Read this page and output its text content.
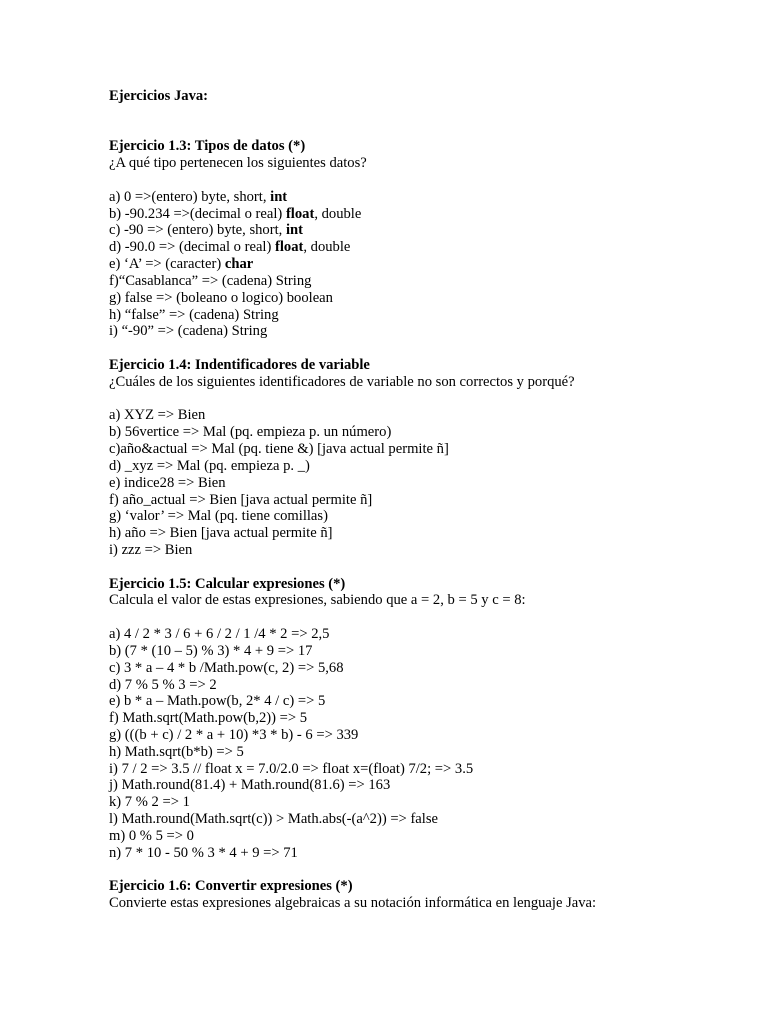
Ejercicios Java:
Ejercicio 1.3: Tipos de datos (*)
¿A qué tipo pertenecen los siguientes datos?
a) 0 =>(entero) byte, short, int
b) -90.234 =>(decimal o real) float, double
c) -90 => (entero) byte, short, int
d) -90.0 => (decimal o real) float, double
e) ‘A’ => (caracter) char
f)“Casablanca” => (cadena) String
g) false => (boleano o logico) boolean
h) “false” => (cadena) String
i) “-90” => (cadena) String
Ejercicio 1.4: Indentificadores de variable
¿Cuáles de los siguientes identificadores de variable no son correctos y porqué?
a) XYZ => Bien
b) 56vertice => Mal (pq. empieza p. un número)
c)año&actual => Mal (pq. tiene &) [java actual permite ñ]
d) _xyz => Mal (pq. empieza p. _)
e) indice28 => Bien
f) año_actual => Bien [java actual permite ñ]
g) ‘valor’ => Mal (pq. tiene comillas)
h) año => Bien [java actual permite ñ]
i) zzz => Bien
Ejercicio 1.5: Calcular expresiones (*)
Calcula el valor de estas expresiones, sabiendo que a = 2, b = 5 y c = 8:
a) 4 / 2 * 3 / 6 + 6 / 2 / 1 /4 * 2 => 2,5
b) (7 * (10 – 5) % 3) * 4 + 9 => 17
c) 3 * a – 4 * b /Math.pow(c, 2) => 5,68
d) 7 % 5 % 3 => 2
e) b * a – Math.pow(b, 2* 4 / c) => 5
f) Math.sqrt(Math.pow(b,2)) => 5
g) (((b + c) / 2 * a + 10) *3 * b) - 6 => 339
h) Math.sqrt(b*b) => 5
i) 7 / 2 => 3.5 // float x = 7.0/2.0 => float x=(float) 7/2; => 3.5
j) Math.round(81.4) + Math.round(81.6) => 163
k) 7 % 2 => 1
l) Math.round(Math.sqrt(c)) > Math.abs(-(a^2)) => false
m) 0 % 5 => 0
n) 7 * 10 - 50 % 3 * 4 + 9 => 71
Ejercicio 1.6: Convertir expresiones (*)
Convierte estas expresiones algebraicas a su notación informática en lenguaje Java:
